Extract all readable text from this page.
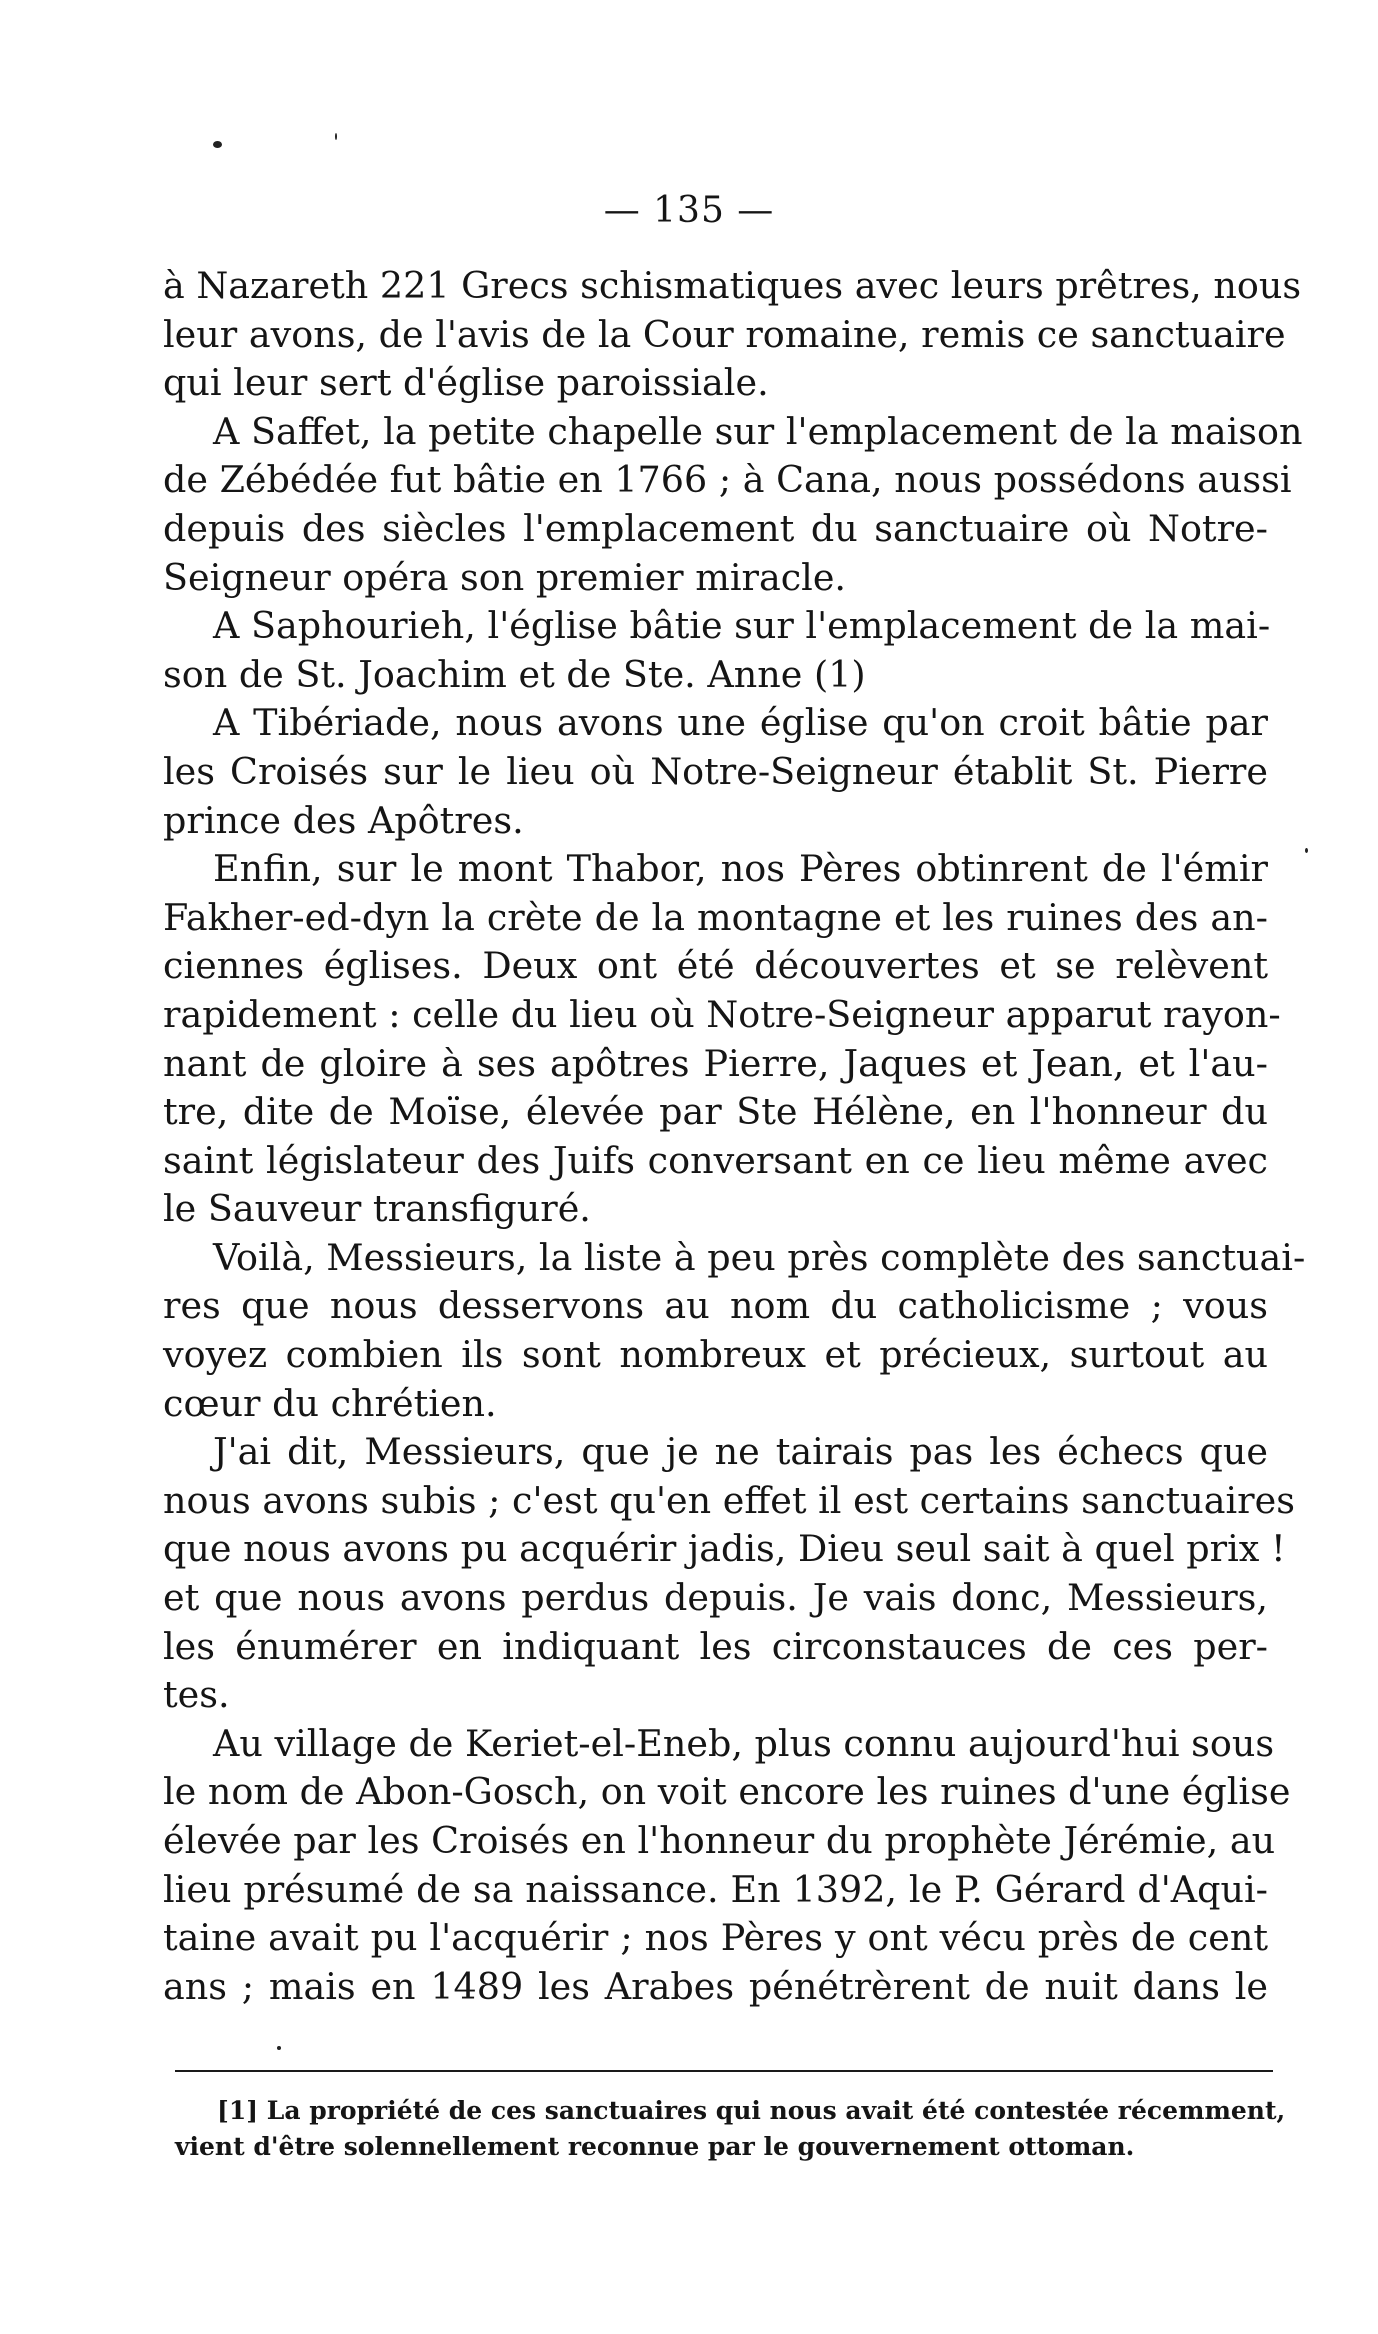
— 135 —

à Nazareth 221 Grecs schismatiques avec leurs prêtres, nous
leur avons, de l'avis de la Cour romaine, remis ce sanctuaire
qui leur sert d'église paroissiale.

A Saffet, la petite chapelle sur l'emplacement de la maison
de Zébédée fut bâtie en 1766 ; à Cana, nous possédons aussi
depuis des siècles l'emplacement du sanctuaire où Notre-
Seigneur opéra son premier miracle.

A Saphourieh, l'église bâtie sur l'emplacement de la mai-
son de St. Joachim et de Ste. Anne (1)

A Tibériade, nous avons une église qu'on croit bâtie par
les Croisés sur le lieu où Notre-Seigneur établit St. Pierre
prince des Apôtres.

Enfin, sur le mont Thabor, nos Pères obtinrent de l'émir
Fakher-ed-dyn la crète de la montagne et les ruines des an-
ciennes églises. Deux ont été découvertes et se relèvent
rapidement : celle du lieu où Notre-Seigneur apparut rayon-
nant de gloire à ses apôtres Pierre, Jaques et Jean, et l'au-
tre, dite de Moïse, élevée par Ste Hélène, en l'honneur du
saint législateur des Juifs conversant en ce lieu même avec
le Sauveur transfiguré.

Voilà, Messieurs, la liste à peu près complète des sanctuai-
res que nous desservons au nom du catholicisme ; vous
voyez combien ils sont nombreux et précieux, surtout au
cœur du chrétien.

J'ai dit, Messieurs, que je ne tairais pas les échecs que
nous avons subis ; c'est qu'en effet il est certains sanctuaires
que nous avons pu acquérir jadis, Dieu seul sait à quel prix !
et que nous avons perdus depuis. Je vais donc, Messieurs,
les énumérer en indiquant les circonstauces de ces per-
tes.

Au village de Keriet-el-Eneb, plus connu aujourd'hui sous
le nom de Abon-Gosch, on voit encore les ruines d'une église
élevée par les Croisés en l'honneur du prophète Jérémie, au
lieu présumé de sa naissance. En 1392, le P. Gérard d'Aqui-
taine avait pu l'acquérir ; nos Pères y ont vécu près de cent
ans ; mais en 1489 les Arabes pénétrèrent de nuit dans le

[1] La propriété de ces sanctuaires qui nous avait été contestée récemment,
vient d'être solennellement reconnue par le gouvernement ottoman.
